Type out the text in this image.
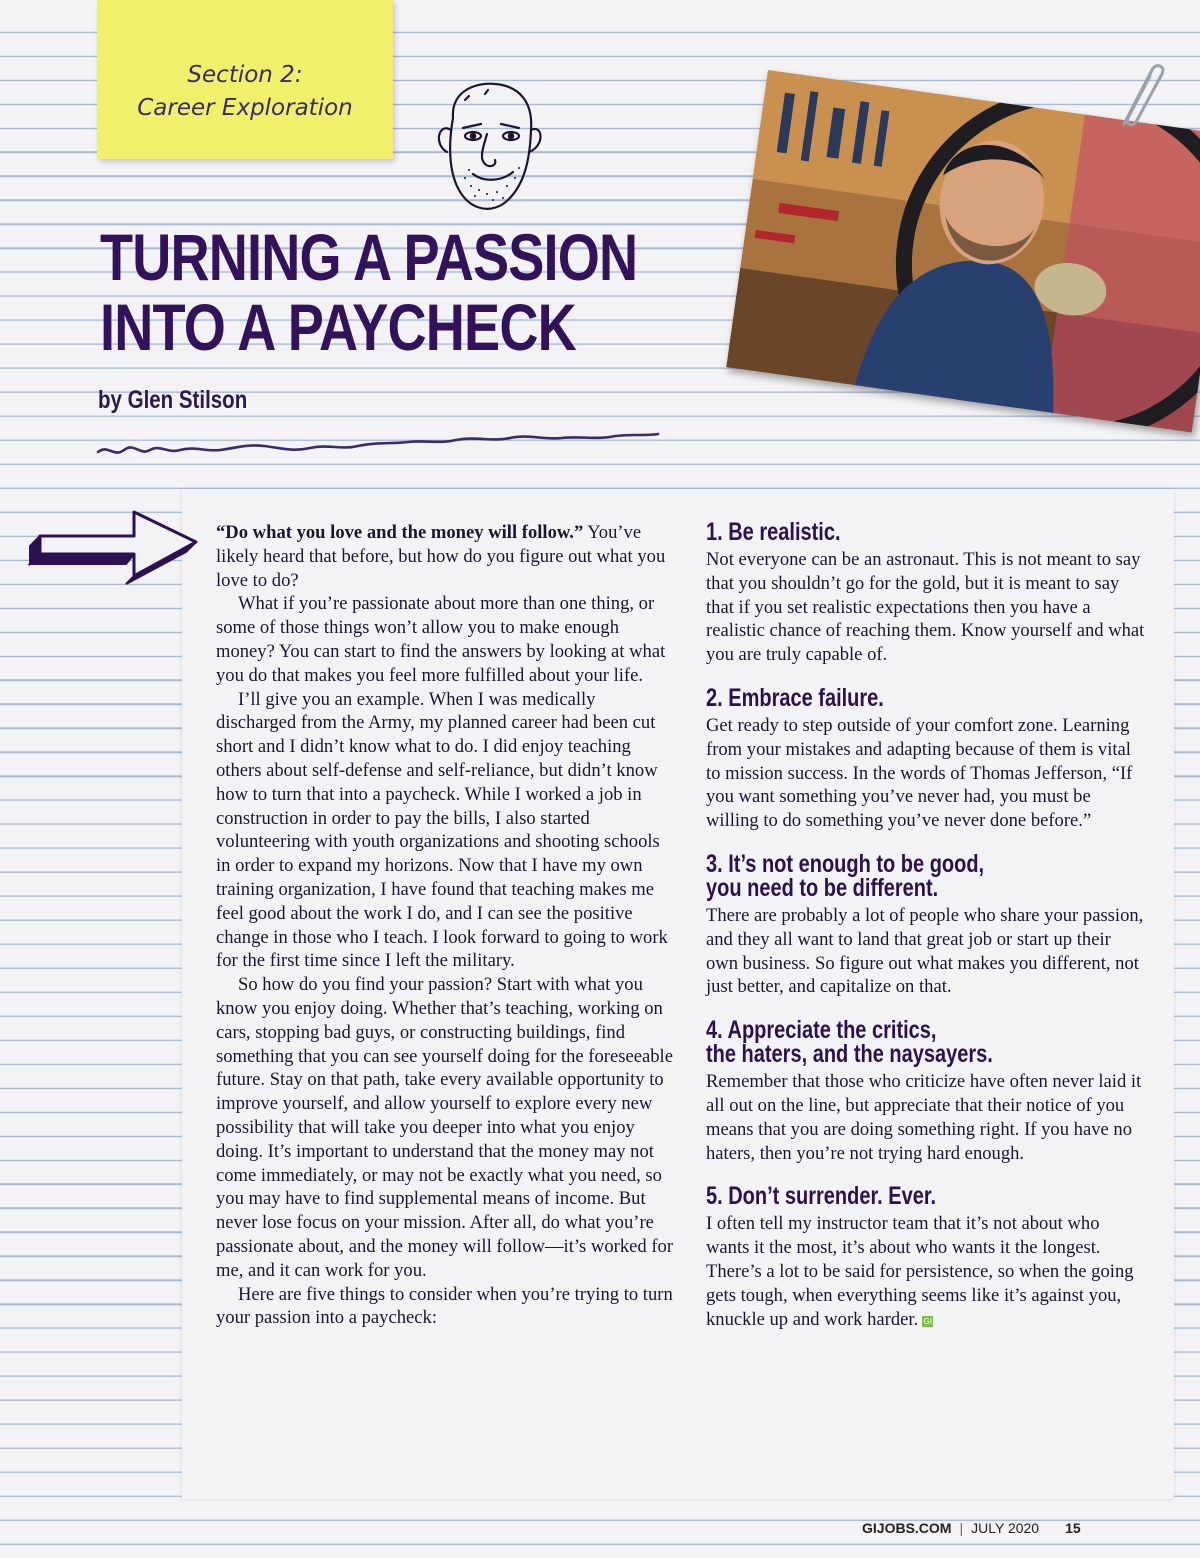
Section 2:
Career Exploration
TURNING A PASSION
INTO A PAYCHECK
by Glen Stilson

“Do what you love and the money will follow.” You’ve likely heard that before, but how do you figure out what you love to do?

What if you’re passionate about more than one thing, or some of those things won’t allow you to make enough money? You can start to find the answers by looking at what you do that makes you feel more fulfilled about your life.

I’ll give you an example. When I was medically discharged from the Army, my planned career had been cut short and I didn’t know what to do. I did enjoy teaching others about self-defense and self-reliance, but didn’t know how to turn that into a paycheck. While I worked a job in construction in order to pay the bills, I also started volunteering with youth organizations and shooting schools in order to expand my horizons. Now that I have my own training organization, I have found that teaching makes me feel good about the work I do, and I can see the positive change in those who I teach. I look forward to going to work for the first time since I left the military.

So how do you find your passion? Start with what you know you enjoy doing. Whether that’s teaching, working on cars, stopping bad guys, or constructing buildings, find something that you can see yourself doing for the foreseeable future. Stay on that path, take every available opportunity to improve yourself, and allow yourself to explore every new possibility that will take you deeper into what you enjoy doing. It’s important to understand that the money may not come immediately, or may not be exactly what you need, so you may have to find supplemental means of income. But never lose focus on your mission. After all, do what you’re passionate about, and the money will follow—it’s worked for me, and it can work for you.

Here are five things to consider when you’re trying to turn your passion into a paycheck:

1. Be realistic.

Not everyone can be an astronaut. This is not meant to say that you shouldn’t go for the gold, but it is meant to say that if you set realistic expectations then you have a realistic chance of reaching them. Know yourself and what you are truly capable of.

2. Embrace failure.

Get ready to step outside of your comfort zone. Learning from your mistakes and adapting because of them is vital to mission success. In the words of Thomas Jefferson, “If you want something you’ve never had, you must be willing to do something you’ve never done before.”

3. It’s not enough to be good,
you need to be different.

There are probably a lot of people who share your passion, and they all want to land that great job or start up their own business. So figure out what makes you different, not just better, and capitalize on that.

4. Appreciate the critics,
the haters, and the naysayers.

Remember that those who criticize have often never laid it all out on the line, but appreciate that their notice of you means that you are doing something right. If you have no haters, then you’re not trying hard enough.

5. Don’t surrender. Ever.

I often tell my instructor team that it’s not about who wants it the most, it’s about who wants it the longest. There’s a lot to be said for persistence, so when the going gets tough, when everything seems like it’s against you, knuckle up and work harder. GI

GIJOBS.COM | JULY 2020 15
